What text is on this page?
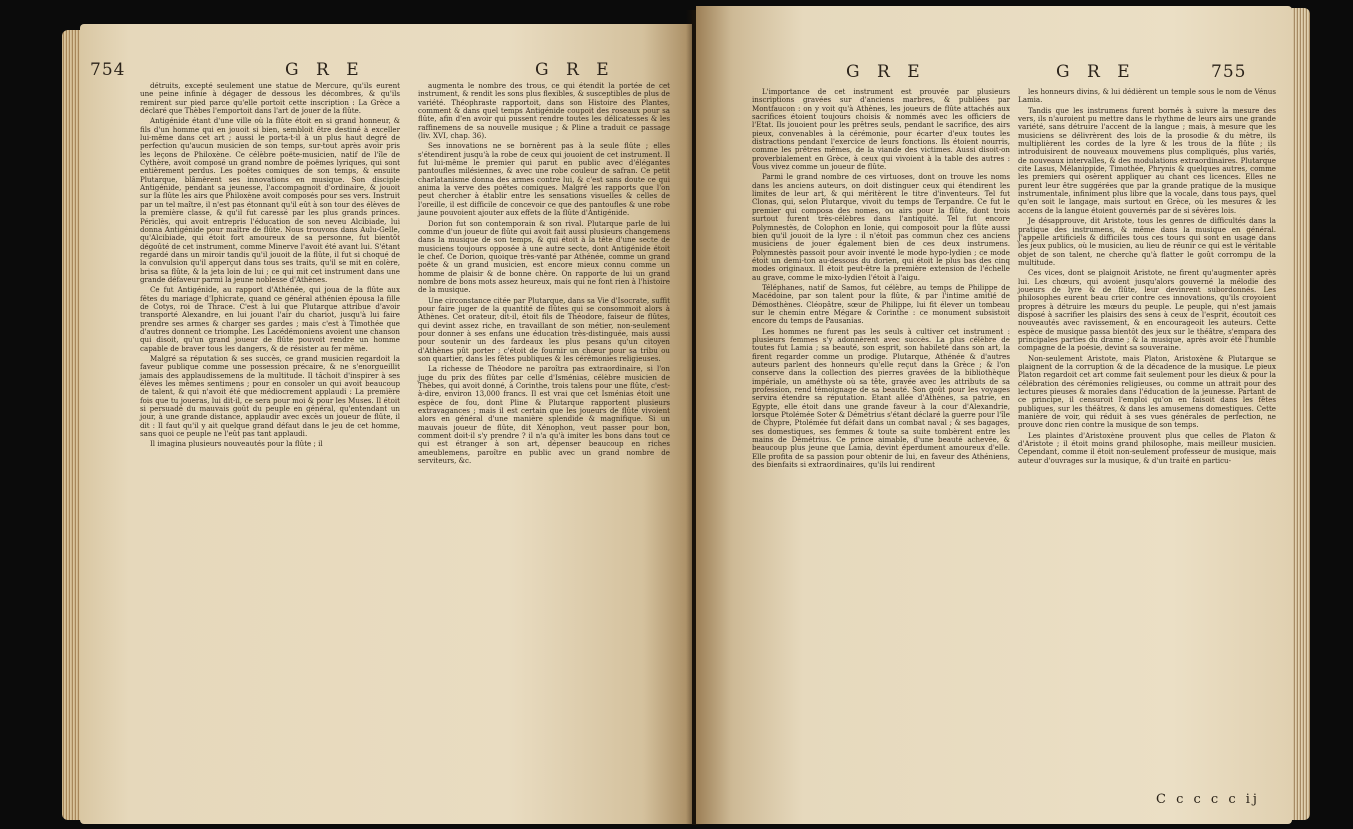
754	G R E	G R E

détruits, excepté seulement une statue de Mercure, qu'ils eurent une peine infinie à dégager de dessous les décombres, & qu'ils remirent sur pied parce qu'elle portoit cette inscription : La Grèce a déclaré que Thèbes l'emportoit dans l'art de jouer de la flûte.

Antigénide étant d'une ville où la flûte étoit en si grand honneur, & fils d'un homme qui en jouoit si bien, sembloit être destiné à exceller lui-même dans cet art ; aussi le porta-t-il à un plus haut degré de perfection qu'aucun musicien de son temps, sur-tout après avoir pris les leçons de Philoxène. Ce célèbre poëte-musicien, natif de l'île de Cythère, avoit composé un grand nombre de poëmes lyriques, qui sont entièrement perdus. Les poëtes comiques de son temps, & ensuite Plutarque, blâmèrent ses innovations en musique. Son disciple Antigénide, pendant sa jeunesse, l'accompagnoit d'ordinaire, & jouoit sur la flûte les airs que Philoxène avoit composés pour ses vers. Instruit par un tel maître, il n'est pas étonnant qu'il eût à son tour des élèves de la première classe, & qu'il fut caressé par les plus grands princes. Périclès, qui avoit entrepris l'éducation de son neveu Alcibiade, lui donna Antigénide pour maître de flûte. Nous trouvons dans Aulu-Gelle, qu'Alcibiade, qui étoit fort amoureux de sa personne, fut bientôt dégoûté de cet instrument, comme Minerve l'avoit été avant lui. S'étant regardé dans un miroir tandis qu'il jouoit de la flûte, il fut si choqué de la convulsion qu'il apperçut dans tous ses traits, qu'il se mit en colère, brisa sa flûte, & la jeta loin de lui ; ce qui mit cet instrument dans une grande défaveur parmi la jeune noblesse d'Athènes.

Ce fut Antigénide, au rapport d'Athénée, qui joua de la flûte aux fêtes du mariage d'Iphicrate, quand ce général athénien épousa la fille de Cotys, roi de Thrace. C'est à lui que Plutarque attribue d'avoir transporté Alexandre, en lui jouant l'air du chariot, jusqu'à lui faire prendre ses armes & charger ses gardes ; mais c'est à Timothée que d'autres donnent ce triomphe. Les Lacédémoniens avoient une chanson qui disoit, qu'un grand joueur de flûte pouvoit rendre un homme capable de braver tous les dangers, & de résister au fer même.

Malgré sa réputation & ses succès, ce grand musicien regardoit la faveur publique comme une possession précaire, & ne s'enorgueillit jamais des applaudissemens de la multitude. Il tâchoit d'inspirer à ses élèves les mêmes sentimens ; pour en consoler un qui avoit beaucoup de talent, & qui n'avoit été que médiocrement applaudi : La première fois que tu joueras, lui dit-il, ce sera pour moi & pour les Muses. Il étoit si persuadé du mauvais goût du peuple en général, qu'entendant un jour, à une grande distance, applaudir avec excès un joueur de flûte, il dit : Il faut qu'il y ait quelque grand défaut dans le jeu de cet homme, sans quoi ce peuple ne l'eût pas tant applaudi.

Il imagina plusieurs nouveautés pour la flûte ; il

augmenta le nombre des trous, ce qui étendit la portée de cet instrument, & rendit les sons plus flexibles, & susceptibles de plus de variété. Théophraste rapportoit, dans son Histoire des Plantes, comment & dans quel temps Antigénide coupoit des roseaux pour sa flûte, afin d'en avoir qui pussent rendre toutes les délicatesses & les raffinemens de sa nouvelle musique ; & Pline a traduit ce passage (liv. XVI, chap. 36).

Ses innovations ne se bornèrent pas à la seule flûte ; elles s'étendirent jusqu'à la robe de ceux qui jouoient de cet instrument. Il fut lui-même le premier qui parut en public avec d'élégantes pantoufles milésiennes, & avec une robe couleur de safran. Ce petit charlatanisme donna des armes contre lui, & c'est sans doute ce qui anima la verve des poëtes comiques. Malgré les rapports que l'on peut chercher à établir entre les sensations visuelles & celles de l'oreille, il est difficile de concevoir ce que des pantoufles & une robe jaune pouvoient ajouter aux effets de la flûte d'Antigénide.

Dorion fut son contemporain & son rival. Plutarque parle de lui comme d'un joueur de flûte qui avoit fait aussi plusieurs changemens dans la musique de son temps, & qui étoit à la tête d'une secte de musiciens toujours opposée à une autre secte, dont Antigénide étoit le chef. Ce Dorion, quoique très-vanté par Athénée, comme un grand poëte & un grand musicien, est encore mieux connu comme un homme de plaisir & de bonne chère. On rapporte de lui un grand nombre de bons mots assez heureux, mais qui ne font rien à l'histoire de la musique.

Une circonstance citée par Plutarque, dans sa Vie d'Isocrate, suffit pour faire juger de la quantité de flûtes qui se consommoit alors à Athènes. Cet orateur, dit-il, étoit fils de Théodore, faiseur de flûtes, qui devint assez riche, en travaillant de son métier, non-seulement pour donner à ses enfans une éducation très-distinguée, mais aussi pour soutenir un des fardeaux les plus pesans qu'un citoyen d'Athènes pût porter ; c'étoit de fournir un chœur pour sa tribu ou son quartier, dans les fêtes publiques & les cérémonies religieuses.

La richesse de Théodore ne paroîtra pas extraordinaire, si l'on juge du prix des flûtes par celle d'Isménias, célèbre musicien de Thèbes, qui avoit donné, à Corinthe, trois talens pour une flûte, c'est-à-dire, environ 13,000 francs. Il est vrai que cet Isménias étoit une espèce de fou, dont Pline & Plutarque rapportent plusieurs extravagances ; mais il est certain que les joueurs de flûte vivoient alors en général d'une manière splendide & magnifique. Si un mauvais joueur de flûte, dit Xénophon, veut passer pour bon, comment doit-il s'y prendre ? il n'a qu'à imiter les bons dans tout ce qui est étranger à son art, dépenser beaucoup en riches ameublemens, paroître en public avec un grand nombre de serviteurs, &c.

G R E	G R E	755

L'importance de cet instrument est prouvée par plusieurs inscriptions gravées sur d'anciens marbres, & publiées par Montfaucon : on y voit qu'à Athènes, les joueurs de flûte attachés aux sacrifices étoient toujours choisis & nommés avec les officiers de l'Etat. Ils jouoient pour les prêtres seuls, pendant le sacrifice, des airs pieux, convenables à la cérémonie, pour écarter d'eux toutes les distractions pendant l'exercice de leurs fonctions. Ils étoient nourris, comme les prêtres mêmes, de la viande des victimes. Aussi disoit-on proverbialement en Grèce, à ceux qui vivoient à la table des autres : Vous vivez comme un joueur de flûte.

Parmi le grand nombre de ces virtuoses, dont on trouve les noms dans les anciens auteurs, on doit distinguer ceux qui étendirent les limites de leur art, & qui méritèrent le titre d'inventeurs. Tel fut Clonas, qui, selon Plutarque, vivoit du temps de Terpandre. Ce fut le premier qui composa des nomes, ou airs pour la flûte, dont trois surtout furent très-célèbres dans l'antiquité. Tel fut encore Polymnestès, de Colophon en Ionie, qui composoit pour la flûte aussi bien qu'il jouoit de la lyre : il n'étoit pas commun chez ces anciens musiciens de jouer également bien de ces deux instrumens. Polymnestès passoit pour avoir inventé le mode hypo-lydien ; ce mode étoit un demi-ton au-dessous du dorien, qui étoit le plus bas des cinq modes originaux. Il étoit peut-être la première extension de l'échelle au grave, comme le mixo-lydien l'étoit à l'aigu.

Téléphanes, natif de Samos, fut célèbre, au temps de Philippe de Macédoine, par son talent pour la flûte, & par l'intime amitié de Démosthènes. Cléopâtre, sœur de Philippe, lui fit élever un tombeau sur le chemin entre Mégare & Corinthe : ce monument subsistoit encore du temps de Pausanias.

Les hommes ne furent pas les seuls à cultiver cet instrument : plusieurs femmes s'y adonnèrent avec succès. La plus célèbre de toutes fut Lamia ; sa beauté, son esprit, son habileté dans son art, la firent regarder comme un prodige. Plutarque, Athénée & d'autres auteurs parlent des honneurs qu'elle reçut dans la Grèce ; & l'on conserve dans la collection des pierres gravées de la bibliothèque impériale, un améthyste où sa tête, gravée avec les attributs de sa profession, rend témoignage de sa beauté. Son goût pour les voyages servira étendre sa réputation. Etant allée d'Athènes, sa patrie, en Egypte, elle étoit dans une grande faveur à la cour d'Alexandrie, lorsque Ptolémée Soter & Démétrius s'étant déclaré la guerre pour l'île de Chypre, Ptolémée fut défait dans un combat naval ; & ses bagages, ses domestiques, ses femmes & toute sa suite tombèrent entre les mains de Démétrius. Ce prince aimable, d'une beauté achevée, & beaucoup plus jeune que Lamia, devint éperdument amoureux d'elle. Elle profita de sa passion pour obtenir de lui, en faveur des Athéniens, des bienfaits si extraordinaires, qu'ils lui rendirent

les honneurs divins, & lui dédièrent un temple sous le nom de Vénus Lamia.

Tandis que les instrumens furent bornés à suivre la mesure des vers, ils n'auroient pu mettre dans le rhythme de leurs airs une grande variété, sans détruire l'accent de la langue ; mais, à mesure que les musiciens se délivrèrent des lois de la prosodie & du mètre, ils multiplièrent les cordes de la lyre & les trous de la flûte ; ils introduisirent de nouveaux mouvemens plus compliqués, plus variés, de nouveaux intervalles, & des modulations extraordinaires. Plutarque cite Lasus, Mélanippide, Timothée, Phrynis & quelques autres, comme les premiers qui osèrent appliquer au chant ces licences. Elles ne purent leur être suggérées que par la grande pratique de la musique instrumentale, infiniment plus libre que la vocale, dans tous pays, quel qu'en soit le langage, mais surtout en Grèce, où les mesures & les accens de la langue étoient gouvernés par de si sévères lois.

Je désapprouve, dit Aristote, tous les genres de difficultés dans la pratique des instrumens, & même dans la musique en général. J'appelle artificiels & difficiles tous ces tours qui sont en usage dans les jeux publics, où le musicien, au lieu de réunir ce qui est le véritable objet de son talent, ne cherche qu'à flatter le goût corrompu de la multitude.

Ces vices, dont se plaignoit Aristote, ne firent qu'augmenter après lui. Les chœurs, qui avoient jusqu'alors gouverné la mélodie des joueurs de lyre & de flûte, leur devinrent subordonnés. Les philosophes eurent beau crier contre ces innovations, qu'ils croyoient propres à détruire les mœurs du peuple. Le peuple, qui n'est jamais disposé à sacrifier les plaisirs des sens à ceux de l'esprit, écoutoit ces nouveautés avec ravissement, & en encourageoit les auteurs. Cette espèce de musique passa bientôt des jeux sur le théâtre, s'empara des principales parties du drame ; & la musique, après avoir été l'humble compagne de la poésie, devint sa souveraine.

Non-seulement Aristote, mais Platon, Aristoxène & Plutarque se plaignent de la corruption & de la décadence de la musique. Le pieux Platon regardoit cet art comme fait seulement pour les dieux & pour la célébration des cérémonies religieuses, ou comme un attrait pour des lectures pieuses & morales dans l'éducation de la jeunesse. Partant de ce principe, il censuroit l'emploi qu'on en faisoit dans les fêtes publiques, sur les théâtres, & dans les amusemens domestiques. Cette manière de voir, qui réduit à ses vues générales de perfection, ne prouve donc rien contre la musique de son temps.

Les plaintes d'Aristoxène prouvent plus que celles de Platon & d'Aristote ; il étoit moins grand philosophe, mais meilleur musicien. Cependant, comme il étoit non-seulement professeur de musique, mais auteur d'ouvrages sur la musique, & d'un traité en particu-

C c c c c ij
